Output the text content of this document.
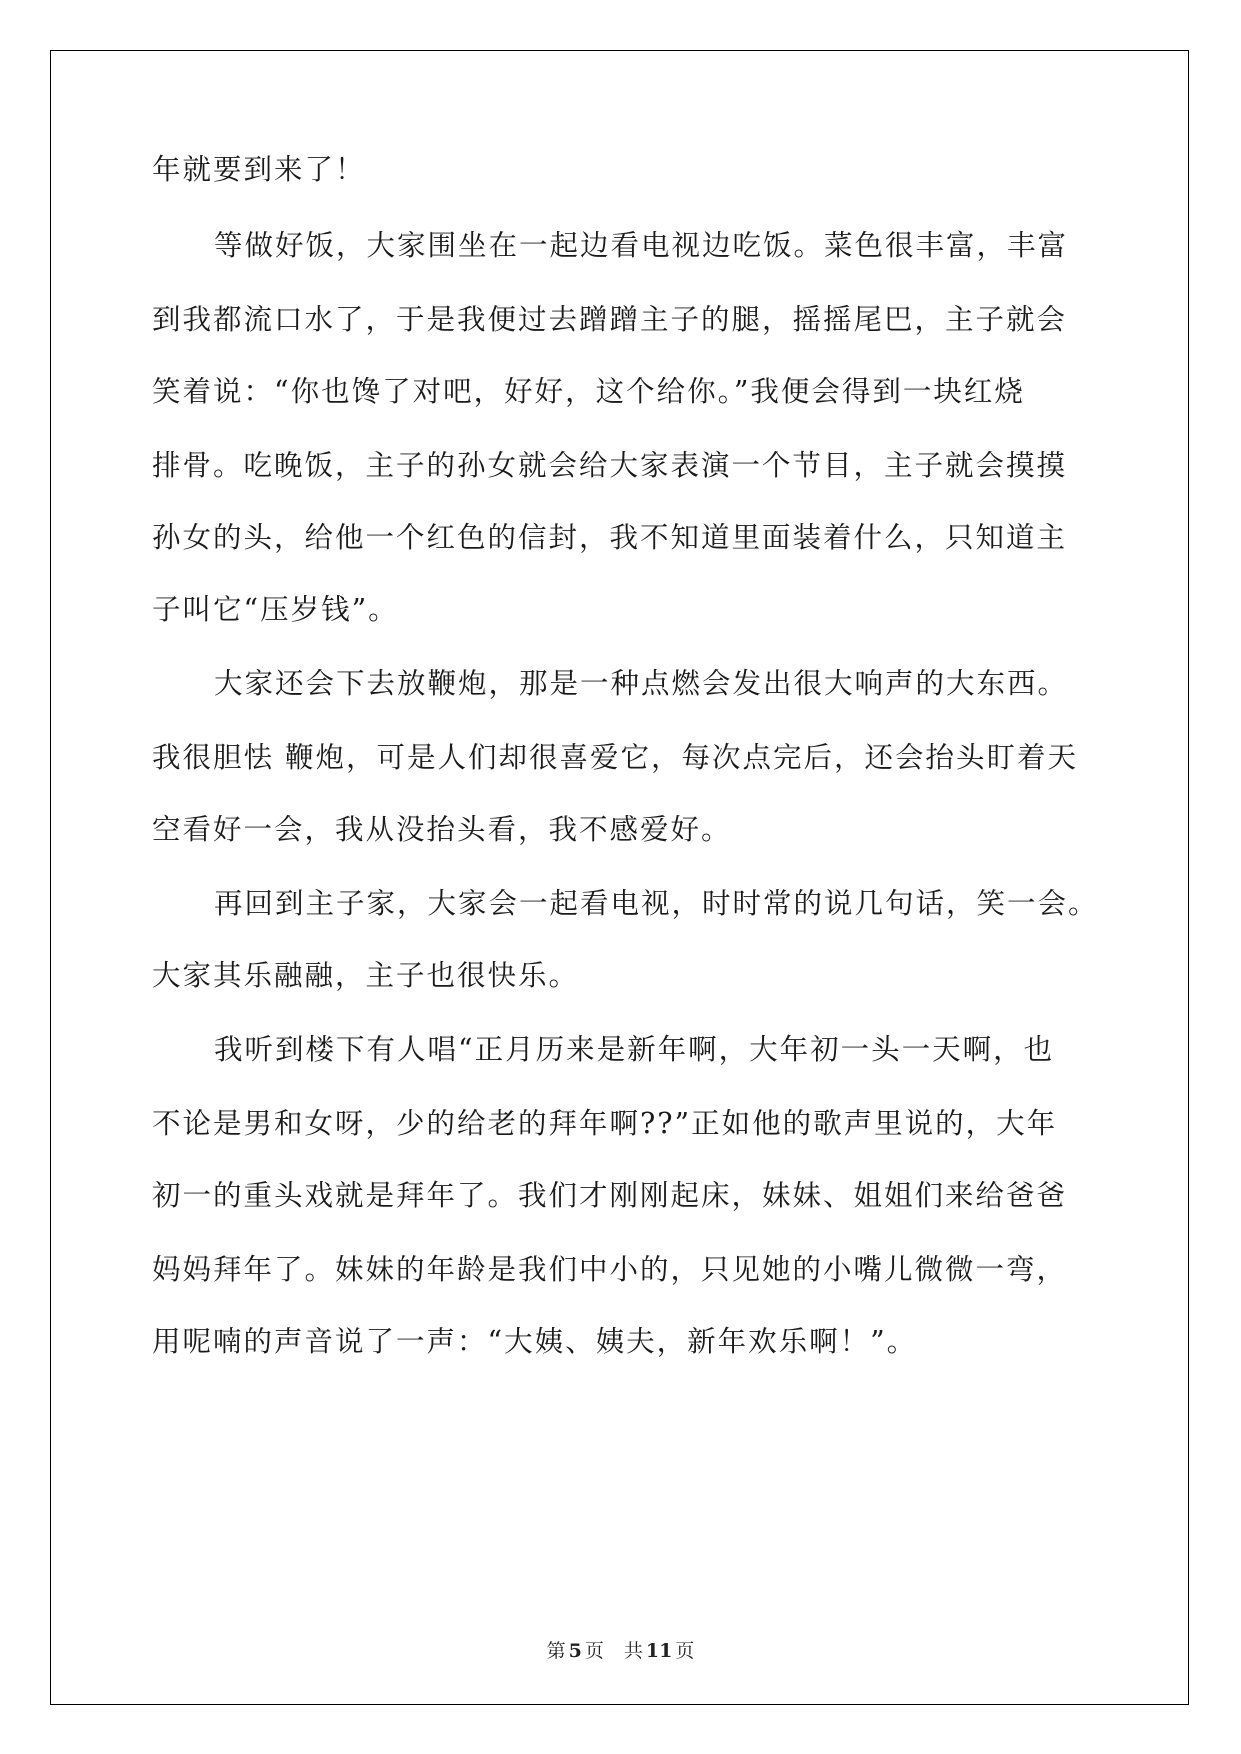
年就要到来了！

等做好饭，大家围坐在一起边看电视边吃饭。菜色很丰富，丰富

到我都流口水了，于是我便过去蹭蹭主子的腿，摇摇尾巴，主子就会

笑着说：“你也馋了对吧，好好，这个给你。”我便会得到一块红烧

排骨。吃晚饭，主子的孙女就会给大家表演一个节目，主子就会摸摸

孙女的头，给他一个红色的信封，我不知道里面装着什么，只知道主

子叫它“压岁钱”。

大家还会下去放鞭炮，那是一种点燃会发出很大响声的大东西。

我很胆怯 鞭炮，可是人们却很喜爱它，每次点完后，还会抬头盯着天

空看好一会，我从没抬头看，我不感爱好。

再回到主子家，大家会一起看电视，时时常的说几句话，笑一会。

大家其乐融融，主子也很快乐。

我听到楼下有人唱“正月历来是新年啊，大年初一头一天啊，也

不论是男和女呀，少的给老的拜年啊??”正如他的歌声里说的，大年

初一的重头戏就是拜年了。我们才刚刚起床，妹妹、姐姐们来给爸爸

妈妈拜年了。妹妹的年龄是我们中小的，只见她的小嘴儿微微一弯，

用呢喃的声音说了一声：“大姨、姨夫，新年欢乐啊！”。

第 5 页 共 11 页
